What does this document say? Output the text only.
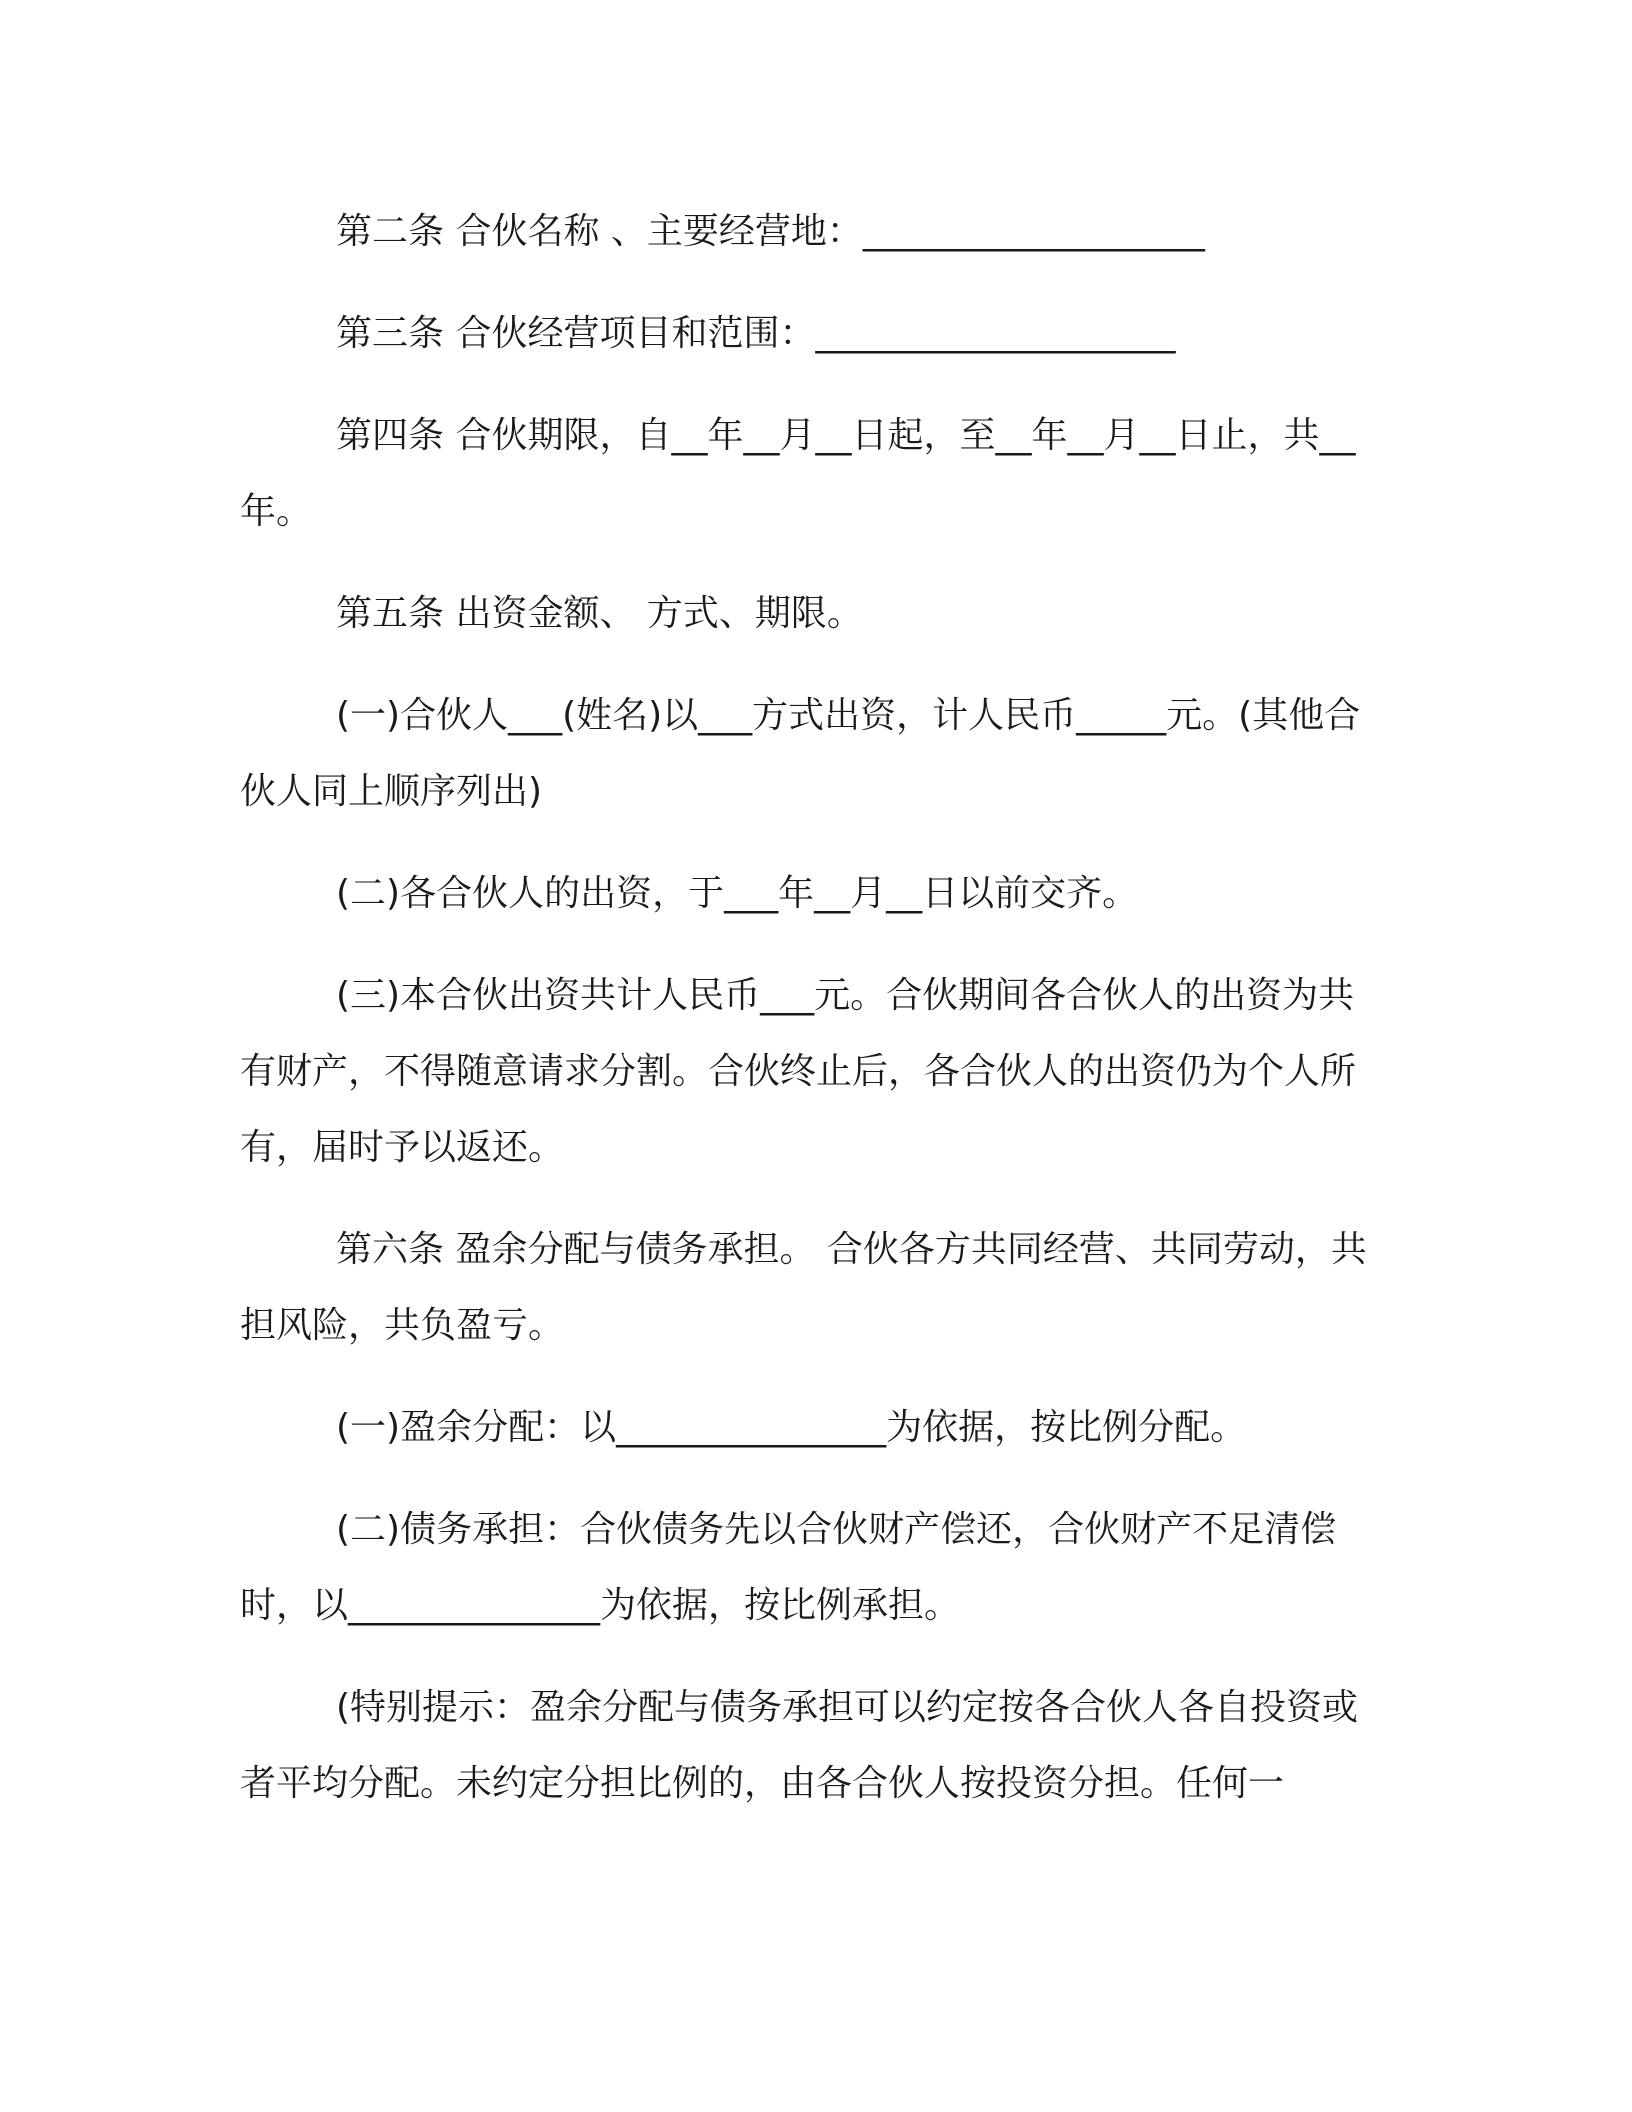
第二条 合伙名称 、主要经营地：___________________

第三条 合伙经营项目和范围：____________________

第四条 合伙期限，自__年__月__日起，至__年__月__日止，共__年。

第五条 出资金额、 方式、期限。

(一)合伙人___(姓名)以___方式出资，计人民币_____元。(其他合伙人同上顺序列出)

(二)各合伙人的出资，于___年__月__日以前交齐。

(三)本合伙出资共计人民币___元。合伙期间各合伙人的出资为共有财产，不得随意请求分割。合伙终止后，各合伙人的出资仍为个人所有，届时予以返还。

第六条 盈余分配与债务承担。 合伙各方共同经营、共同劳动，共担风险，共负盈亏。

(一)盈余分配：以_______________为依据，按比例分配。

(二)债务承担：合伙债务先以合伙财产偿还，合伙财产不足清偿时，以______________为依据，按比例承担。

(特别提示：盈余分配与债务承担可以约定按各合伙人各自投资或者平均分配。未约定分担比例的，由各合伙人按投资分担。任何一
